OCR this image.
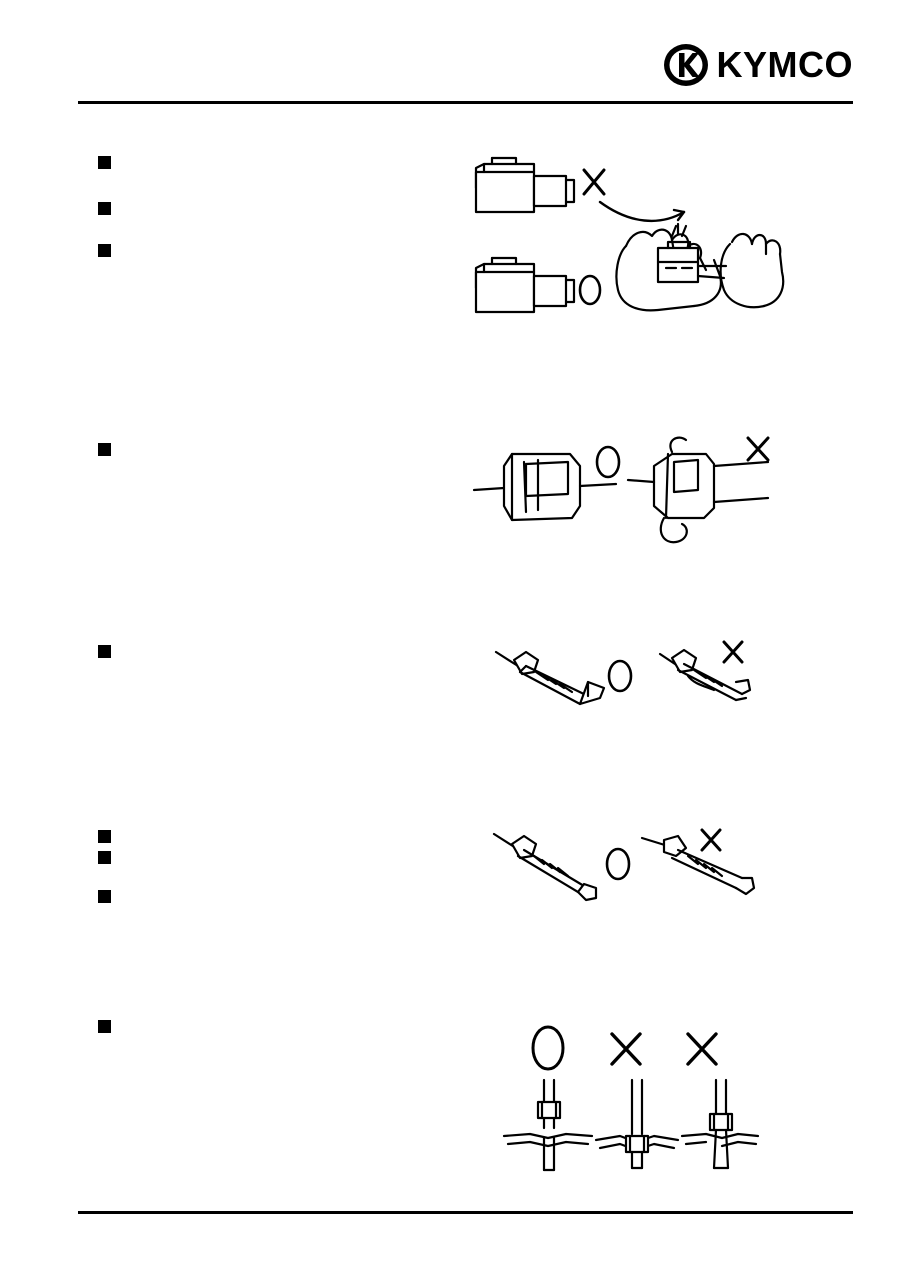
KYMCO
